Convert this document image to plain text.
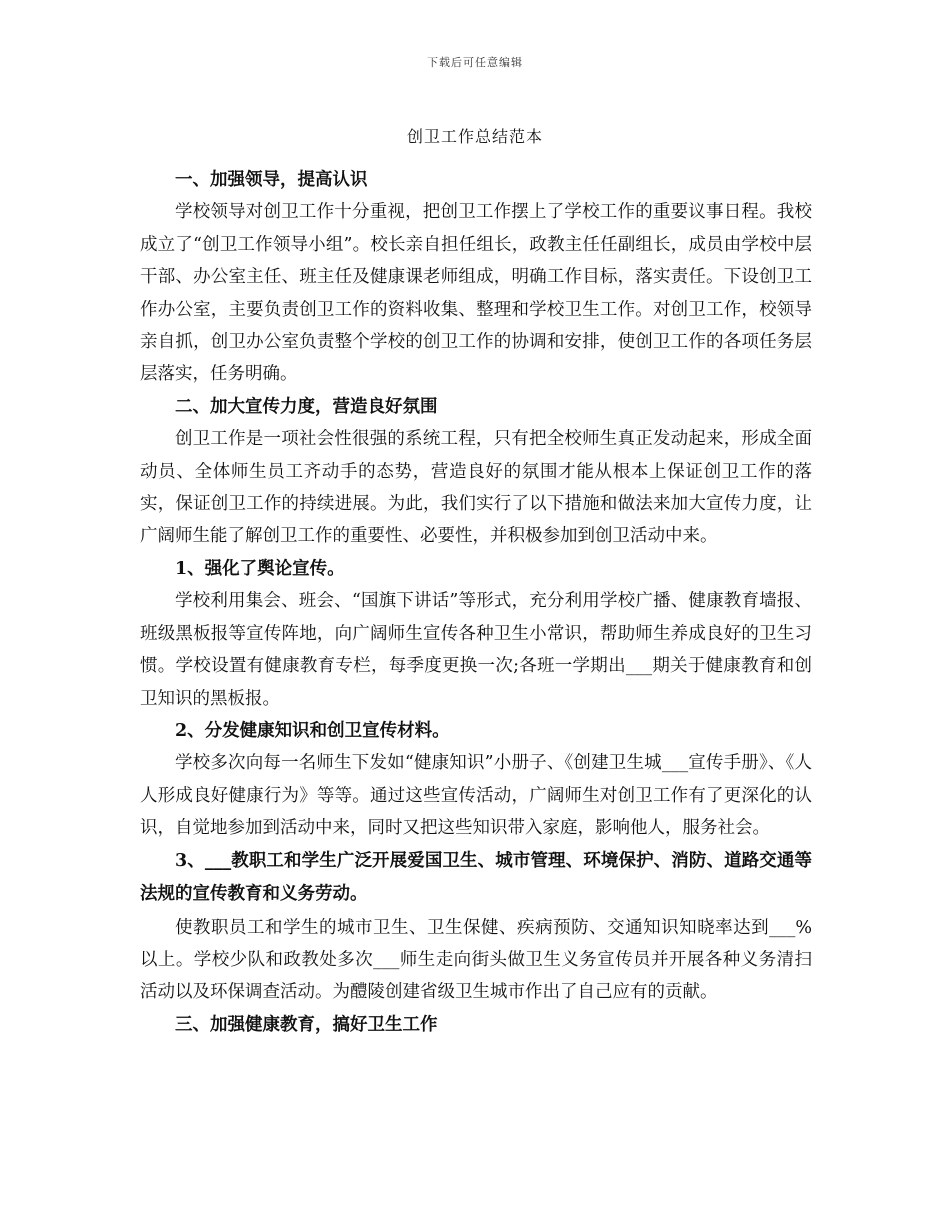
下载后可任意编辑
创卫工作总结范本

一、加强领导，提高认识

学校领导对创卫工作十分重视，把创卫工作摆上了学校工作的重要议事日程。我校成立了“创卫工作领导小组”。校长亲自担任组长，政教主任任副组长，成员由学校中层干部、办公室主任、班主任及健康课老师组成，明确工作目标，落实责任。下设创卫工作办公室，主要负责创卫工作的资料收集、整理和学校卫生工作。对创卫工作，校领导亲自抓，创卫办公室负责整个学校的创卫工作的协调和安排，使创卫工作的各项任务层层落实，任务明确。

二、加大宣传力度，营造良好氛围

创卫工作是一项社会性很强的系统工程，只有把全校师生真正发动起来，形成全面动员、全体师生员工齐动手的态势，营造良好的氛围才能从根本上保证创卫工作的落实，保证创卫工作的持续进展。为此，我们实行了以下措施和做法来加大宣传力度，让广阔师生能了解创卫工作的重要性、必要性，并积极参加到创卫活动中来。

1、强化了舆论宣传。

学校利用集会、班会、“国旗下讲话”等形式，充分利用学校广播、健康教育墙报、班级黑板报等宣传阵地，向广阔师生宣传各种卫生小常识，帮助师生养成良好的卫生习惯。学校设置有健康教育专栏，每季度更换一次;各班一学期出___期关于健康教育和创卫知识的黑板报。

2、分发健康知识和创卫宣传材料。

学校多次向每一名师生下发如“健康知识”小册子、《创建卫生城___宣传手册》、《人人形成良好健康行为》等等。通过这些宣传活动，广阔师生对创卫工作有了更深化的认识，自觉地参加到活动中来，同时又把这些知识带入家庭，影响他人，服务社会。

3、___教职工和学生广泛开展爱国卫生、城市管理、环境保护、消防、道路交通等法规的宣传教育和义务劳动。

使教职员工和学生的城市卫生、卫生保健、疾病预防、交通知识知晓率达到___%以上。学校少队和政教处多次___师生走向街头做卫生义务宣传员并开展各种义务清扫活动以及环保调查活动。为醴陵创建省级卫生城市作出了自己应有的贡献。

三、加强健康教育，搞好卫生工作
